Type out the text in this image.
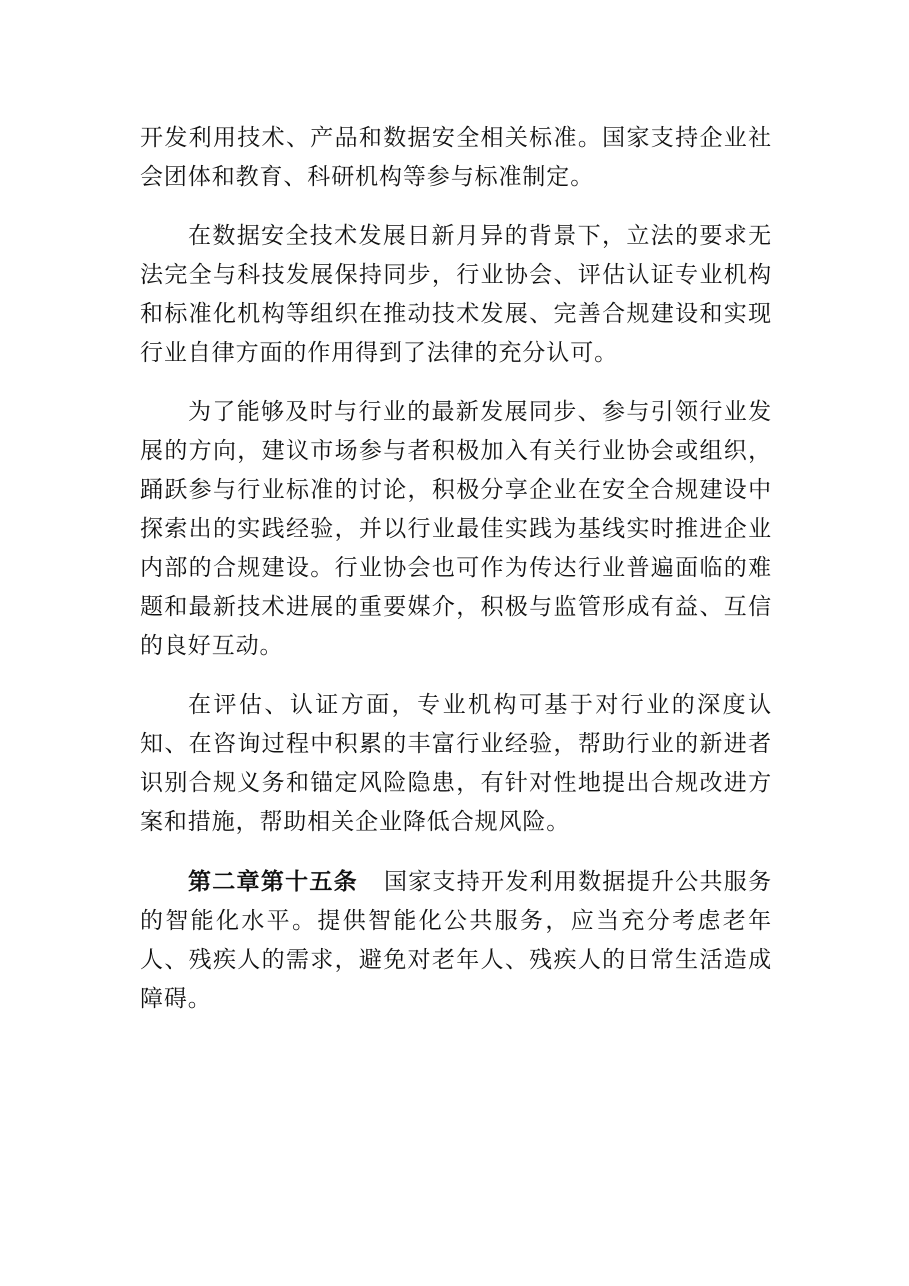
开发利用技术、产品和数据安全相关标准。国家支持企业社会团体和教育、科研机构等参与标准制定。

在数据安全技术发展日新月异的背景下，立法的要求无法完全与科技发展保持同步，行业协会、评估认证专业机构和标准化机构等组织在推动技术发展、完善合规建设和实现行业自律方面的作用得到了法律的充分认可。

为了能够及时与行业的最新发展同步、参与引领行业发展的方向，建议市场参与者积极加入有关行业协会或组织，踊跃参与行业标准的讨论，积极分享企业在安全合规建设中探索出的实践经验，并以行业最佳实践为基线实时推进企业内部的合规建设。行业协会也可作为传达行业普遍面临的难题和最新技术进展的重要媒介，积极与监管形成有益、互信的良好互动。

在评估、认证方面，专业机构可基于对行业的深度认知、在咨询过程中积累的丰富行业经验，帮助行业的新进者识别合规义务和锚定风险隐患，有针对性地提出合规改进方案和措施，帮助相关企业降低合规风险。

第二章第十五条 国家支持开发利用数据提升公共服务的智能化水平。提供智能化公共服务，应当充分考虑老年人、残疾人的需求，避免对老年人、残疾人的日常生活造成障碍。
